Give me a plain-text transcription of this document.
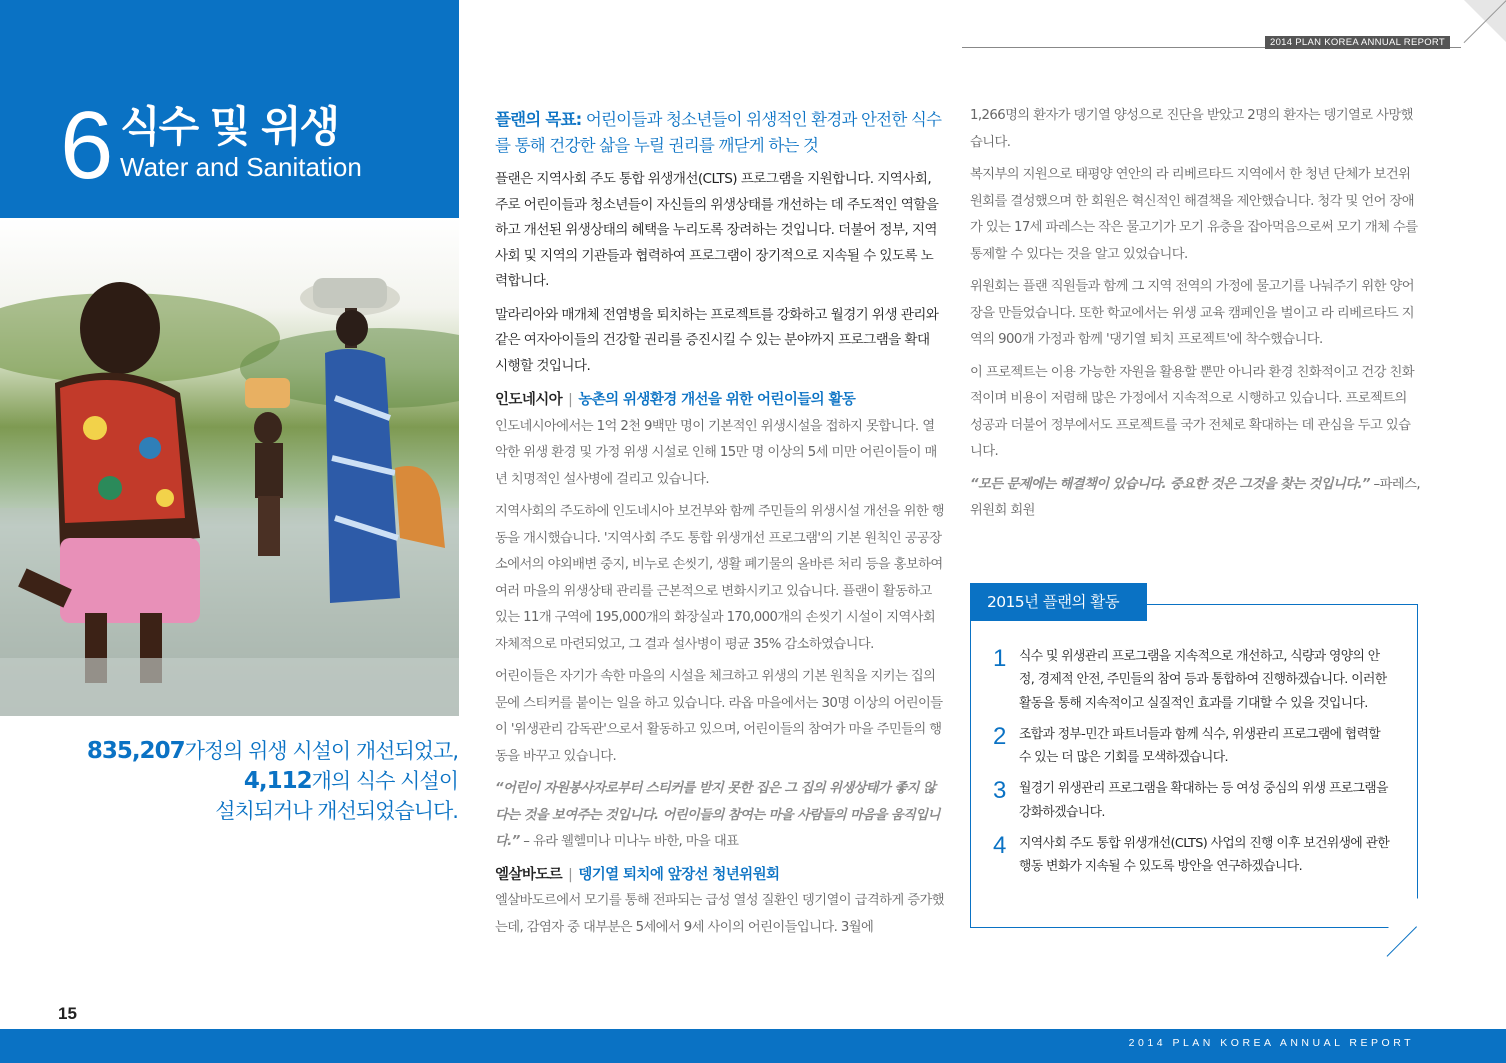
2014 PLAN KOREA ANNUAL REPORT
6 식수 및 위생
Water and Sanitation
835,207가정의 위생 시설이 개선되었고,
4,112개의 식수 시설이
설치되거나 개선되었습니다.

플랜의 목표: 어린이들과 청소년들이 위생적인 환경과 안전한 식수를 통해 건강한 삶을 누릴 권리를 깨닫게 하는 것

플랜은 지역사회 주도 통합 위생개선(CLTS) 프로그램을 지원합니다. 지역사회, 주로 어린이들과 청소년들이 자신들의 위생상태를 개선하는 데 주도적인 역할을 하고 개선된 위생상태의 혜택을 누리도록 장려하는 것입니다. 더불어 정부, 지역사회 및 지역의 기관들과 협력하여 프로그램이 장기적으로 지속될 수 있도록 노력합니다.

말라리아와 매개체 전염병을 퇴치하는 프로젝트를 강화하고 월경기 위생 관리와 같은 여자아이들의 건강할 권리를 증진시킬 수 있는 분야까지 프로그램을 확대 시행할 것입니다.

인도네시아 | 농촌의 위생환경 개선을 위한 어린이들의 활동

인도네시아에서는 1억 2천 9백만 명이 기본적인 위생시설을 접하지 못합니다. 열악한 위생 환경 및 가정 위생 시설로 인해 15만 명 이상의 5세 미만 어린이들이 매년 치명적인 설사병에 걸리고 있습니다.

지역사회의 주도하에 인도네시아 보건부와 함께 주민들의 위생시설 개선을 위한 행동을 개시했습니다. '지역사회 주도 통합 위생개선 프로그램'의 기본 원칙인 공공장소에서의 야외배변 중지, 비누로 손씻기, 생활 폐기물의 올바른 처리 등을 홍보하여 여러 마을의 위생상태 관리를 근본적으로 변화시키고 있습니다. 플랜이 활동하고 있는 11개 구역에 195,000개의 화장실과 170,000개의 손씻기 시설이 지역사회 자체적으로 마련되었고, 그 결과 설사병이 평균 35% 감소하였습니다.

어린이들은 자기가 속한 마을의 시설을 체크하고 위생의 기본 원칙을 지키는 집의 문에 스티커를 붙이는 일을 하고 있습니다. 라옵 마을에서는 30명 이상의 어린이들이 '위생관리 감독관'으로서 활동하고 있으며, 어린이들의 참여가 마을 주민들의 행동을 바꾸고 있습니다.

“어린이 자원봉사자로부터 스티커를 받지 못한 집은 그 집의 위생상태가 좋지 않다는 것을 보여주는 것입니다. 어린이들의 참여는 마을 사람들의 마음을 움직입니다.” – 유라 웰헬미나 미나누 바한, 마을 대표

엘살바도르 | 뎅기열 퇴치에 앞장선 청년위원회

엘살바도르에서 모기를 통해 전파되는 급성 열성 질환인 뎅기열이 급격하게 증가했는데, 감염자 중 대부분은 5세에서 9세 사이의 어린이들입니다. 3월에

1,266명의 환자가 뎅기열 양성으로 진단을 받았고 2명의 환자는 뎅기열로 사망했습니다.

복지부의 지원으로 태평양 연안의 라 리베르타드 지역에서 한 청년 단체가 보건위원회를 결성했으며 한 회원은 혁신적인 해결책을 제안했습니다. 청각 및 언어 장애가 있는 17세 파레스는 작은 물고기가 모기 유충을 잡아먹음으로써 모기 개체 수를 통제할 수 있다는 것을 알고 있었습니다.

위원회는 플랜 직원들과 함께 그 지역 전역의 가정에 물고기를 나눠주기 위한 양어장을 만들었습니다. 또한 학교에서는 위생 교육 캠페인을 벌이고 라 리베르타드 지역의 900개 가정과 함께 '댕기열 퇴치 프로젝트'에 착수했습니다.

이 프로젝트는 이용 가능한 자원을 활용할 뿐만 아니라 환경 친화적이고 건강 친화적이며 비용이 저렴해 많은 가정에서 지속적으로 시행하고 있습니다. 프로젝트의 성공과 더불어 정부에서도 프로젝트를 국가 전체로 확대하는 데 관심을 두고 있습니다.

“모든 문제에는 해결책이 있습니다. 중요한 것은 그것을 찾는 것입니다.” –파레스, 위원회 회원

2015년 플랜의 활동
1 식수 및 위생관리 프로그램을 지속적으로 개선하고, 식량과 영양의 안정, 경제적 안전, 주민들의 참여 등과 통합하여 진행하겠습니다. 이러한 활동을 통해 지속적이고 실질적인 효과를 기대할 수 있을 것입니다.
2 조합과 정부-민간 파트너들과 함께 식수, 위생관리 프로그램에 협력할 수 있는 더 많은 기회를 모색하겠습니다.
3 월경기 위생관리 프로그램을 확대하는 등 여성 중심의 위생 프로그램을 강화하겠습니다.
4 지역사회 주도 통합 위생개선(CLTS) 사업의 진행 이후 보건위생에 관한 행동 변화가 지속될 수 있도록 방안을 연구하겠습니다.
15
2014 PLAN KOREA ANNUAL REPORT
